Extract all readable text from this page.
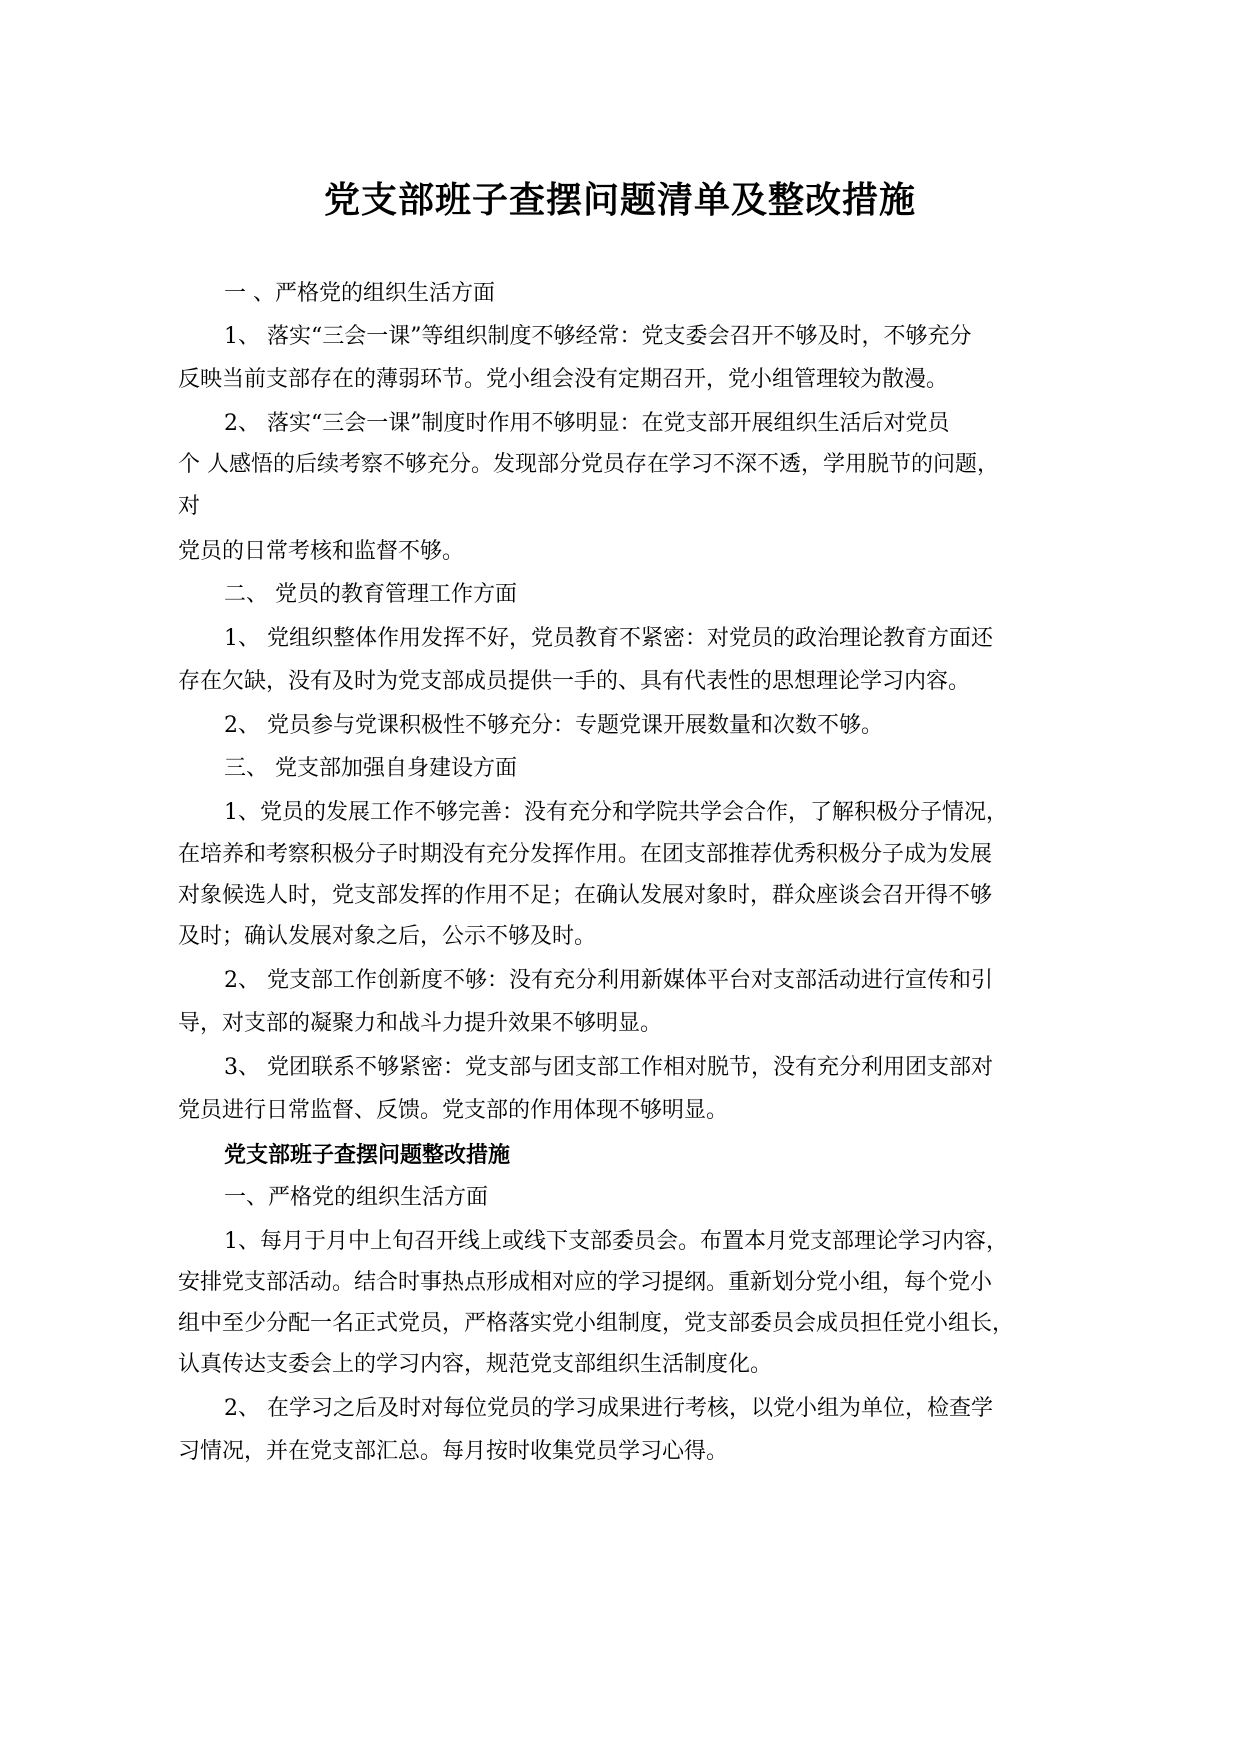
党支部班子查摆问题清单及整改措施
一 、严格党的组织生活方面
1、 落实“三会一课”等组织制度不够经常：党支委会召开不够及时，不够充分
反映当前支部存在的薄弱环节。党小组会没有定期召开，党小组管理较为散漫。
2、 落实“三会一课”制度时作用不够明显：在党支部开展组织生活后对党员
个 人感悟的后续考察不够充分。发现部分党员存在学习不深不透，学用脱节的问题，
对
党员的日常考核和监督不够。
二、 党员的教育管理工作方面
1、 党组织整体作用发挥不好，党员教育不紧密：对党员的政治理论教育方面还
存在欠缺，没有及时为党支部成员提供一手的、具有代表性的思想理论学习内容。
2、 党员参与党课积极性不够充分：专题党课开展数量和次数不够。
三、 党支部加强自身建设方面
1、党员的发展工作不够完善：没有充分和学院共学会合作，了解积极分子情况，
在培养和考察积极分子时期没有充分发挥作用。在团支部推荐优秀积极分子成为发展
对象候选人时，党支部发挥的作用不足；在确认发展对象时，群众座谈会召开得不够
及时；确认发展对象之后，公示不够及时。
2、 党支部工作创新度不够：没有充分利用新媒体平台对支部活动进行宣传和引
导，对支部的凝聚力和战斗力提升效果不够明显。
3、 党团联系不够紧密：党支部与团支部工作相对脱节，没有充分利用团支部对
党员进行日常监督、反馈。党支部的作用体现不够明显。
党支部班子查摆问题整改措施
一、严格党的组织生活方面
1、每月于月中上旬召开线上或线下支部委员会。布置本月党支部理论学习内容，
安排党支部活动。结合时事热点形成相对应的学习提纲。重新划分党小组，每个党小
组中至少分配一名正式党员，严格落实党小组制度，党支部委员会成员担任党小组长，
认真传达支委会上的学习内容，规范党支部组织生活制度化。
2、 在学习之后及时对每位党员的学习成果进行考核，以党小组为单位，检查学
习情况，并在党支部汇总。每月按时收集党员学习心得。
